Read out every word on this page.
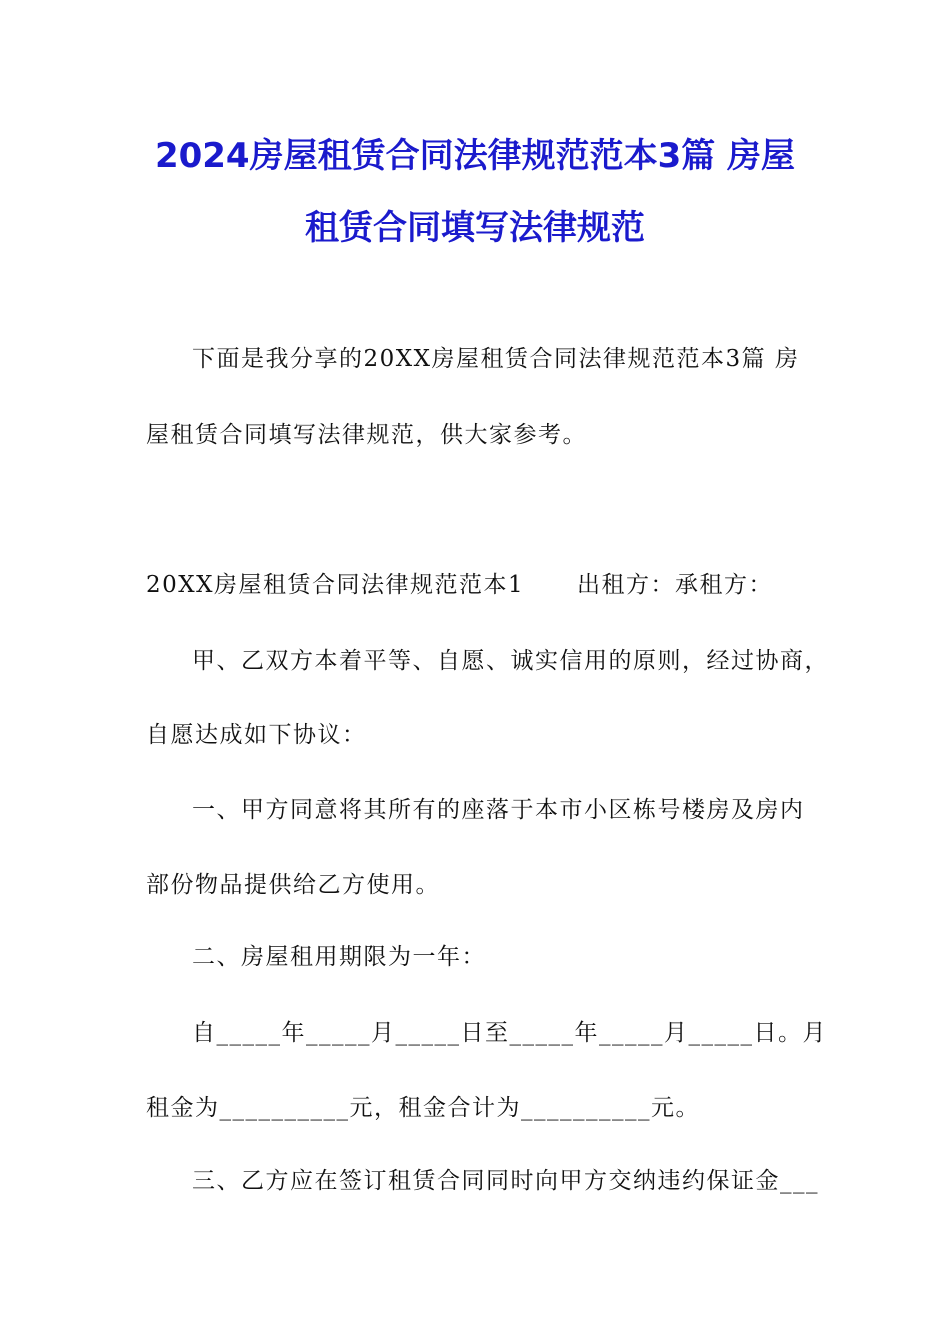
2024房屋租赁合同法律规范范本3篇 房屋
租赁合同填写法律规范
下面是我分享的20XX房屋租赁合同法律规范范本3篇 房
屋租赁合同填写法律规范，供大家参考。
20XX房屋租赁合同法律规范范本1      出租方：承租方：
甲、乙双方本着平等、自愿、诚实信用的原则，经过协商，
自愿达成如下协议：
一、甲方同意将其所有的座落于本市小区栋号楼房及房内
部份物品提供给乙方使用。
二、房屋租用期限为一年：
自_____年_____月_____日至_____年_____月_____日。月
租金为__________元，租金合计为__________元。
三、乙方应在签订租赁合同同时向甲方交纳违约保证金___
